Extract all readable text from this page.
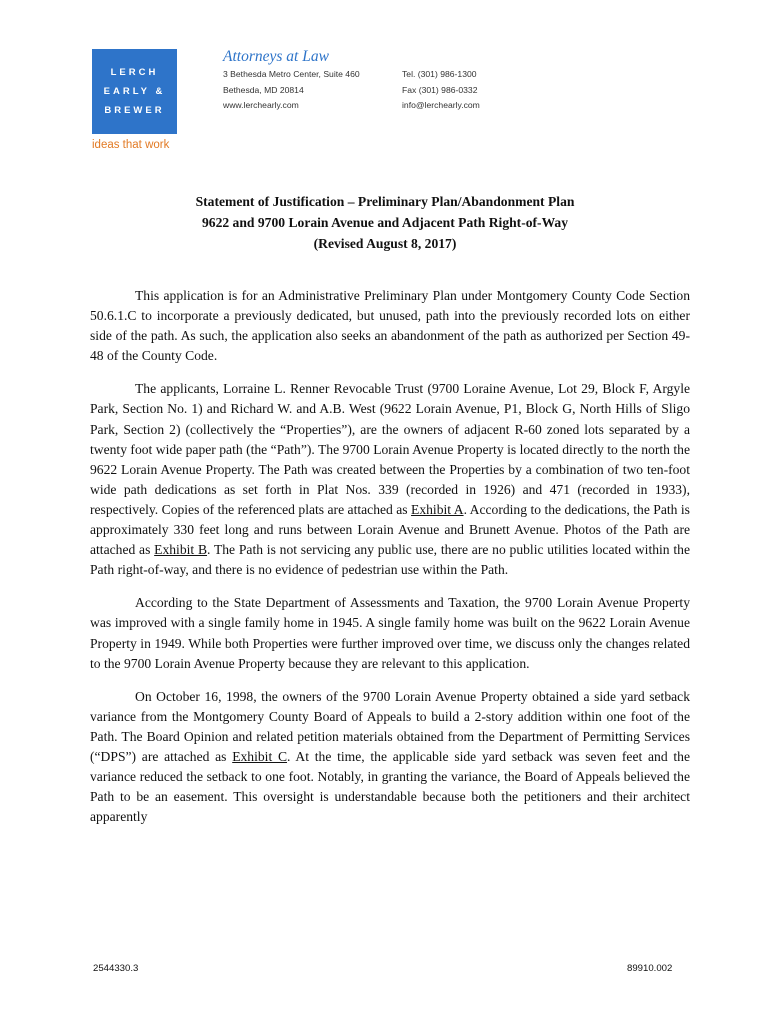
LERCH
EARLY &
BREWER
ideas that work
Attorneys at Law
3 Bethesda Metro Center, Suite 460
Bethesda, MD 20814
www.lerchearly.com
Tel. (301) 986-1300
Fax (301) 986-0332
info@lerchearly.com
Statement of Justification – Preliminary Plan/Abandonment Plan
9622 and 9700 Lorain Avenue and Adjacent Path Right-of-Way
(Revised August 8, 2017)

This application is for an Administrative Preliminary Plan under Montgomery County Code Section 50.6.1.C to incorporate a previously dedicated, but unused, path into the previously recorded lots on either side of the path. As such, the application also seeks an abandonment of the path as authorized per Section 49-48 of the County Code.

The applicants, Lorraine L. Renner Revocable Trust (9700 Loraine Avenue, Lot 29, Block F, Argyle Park, Section No. 1) and Richard W. and A.B. West (9622 Lorain Avenue, P1, Block G, North Hills of Sligo Park, Section 2) (collectively the “Properties”), are the owners of adjacent R-60 zoned lots separated by a twenty foot wide paper path (the “Path”). The 9700 Lorain Avenue Property is located directly to the north the 9622 Lorain Avenue Property. The Path was created between the Properties by a combination of two ten-foot wide path dedications as set forth in Plat Nos. 339 (recorded in 1926) and 471 (recorded in 1933), respectively. Copies of the referenced plats are attached as Exhibit A. According to the dedications, the Path is approximately 330 feet long and runs between Lorain Avenue and Brunett Avenue. Photos of the Path are attached as Exhibit B. The Path is not servicing any public use, there are no public utilities located within the Path right-of-way, and there is no evidence of pedestrian use within the Path.

According to the State Department of Assessments and Taxation, the 9700 Lorain Avenue Property was improved with a single family home in 1945. A single family home was built on the 9622 Lorain Avenue Property in 1949. While both Properties were further improved over time, we discuss only the changes related to the 9700 Lorain Avenue Property because they are relevant to this application.

On October 16, 1998, the owners of the 9700 Lorain Avenue Property obtained a side yard setback variance from the Montgomery County Board of Appeals to build a 2-story addition within one foot of the Path. The Board Opinion and related petition materials obtained from the Department of Permitting Services (“DPS”) are attached as Exhibit C. At the time, the applicable side yard setback was seven feet and the variance reduced the setback to one foot. Notably, in granting the variance, the Board of Appeals believed the Path to be an easement. This oversight is understandable because both the petitioners and their architect apparently

2544330.3	89910.002
